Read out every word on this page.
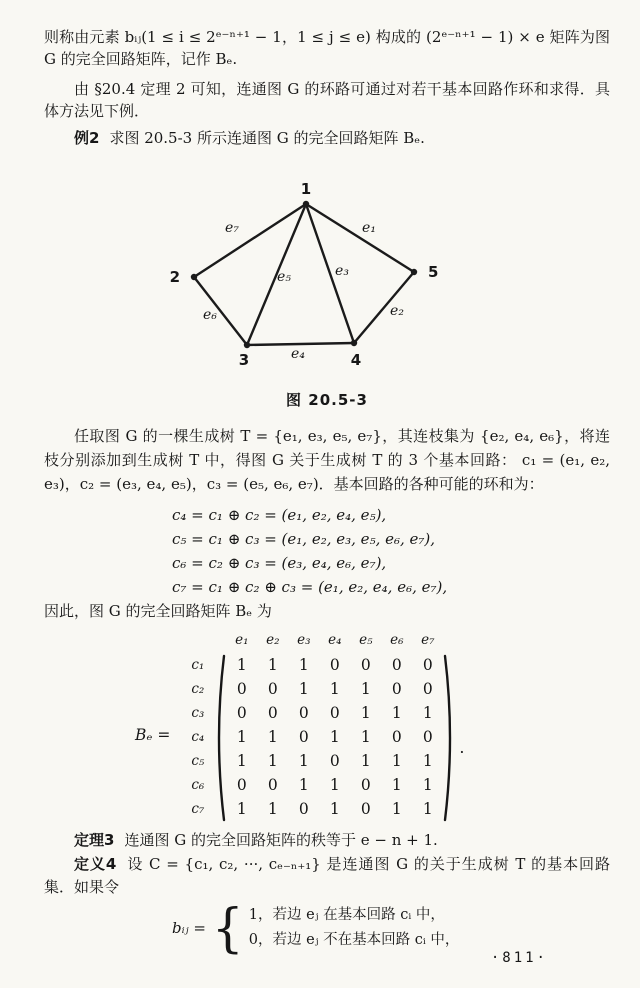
则称由元素 bᵢⱼ(1 ≤ i ≤ 2ᵉ⁻ⁿ⁺¹ − 1，1 ≤ j ≤ e) 构成的 (2ᵉ⁻ⁿ⁺¹ − 1) × e 矩阵为图 G 的完全回路矩阵，记作 Bₑ.

由 §20.4 定理 2 可知，连通图 G 的环路可通过对若干基本回路作环和求得．具体方法见下例．

例2 求图 20.5-3 所示连通图 G 的完全回路矩阵 Bₑ.

e₁
e₂
e₃
e₄
e₅
e₆
e₇
1
2
3	4
5
图 20.5-3

任取图 G 的一棵生成树 T = {e₁, e₃, e₅, e₇}，其连枝集为 {e₂, e₄, e₆}，将连枝分别添加到生成树 T 中，得图 G 关于生成树 T 的 3 个基本回路： c₁ = (e₁, e₂, e₃)，c₂ = (e₃, e₄, e₅)，c₃ = (e₅, e₆, e₇)．基本回路的各种可能的环和为：

c₄ = c₁ ⊕ c₂ = (e₁, e₂, e₄, e₅),
c₅ = c₁ ⊕ c₃ = (e₁, e₂, e₃, e₅, e₆, e₇),
c₆ = c₂ ⊕ c₃ = (e₃, e₄, e₆, e₇),
c₇ = c₁ ⊕ c₂ ⊕ c₃ = (e₁, e₂, e₄, e₆, e₇),

因此，图 G 的完全回路矩阵 Bₑ 为

Bₑ =
c₁
c₂
c₃
c₄
c₅
c₆
c₇
e₁ e₂ e₃ e₄ e₅ e₆ e₇
1 1 1 0 0 0 0
0 0 1 1 1 0 0
0 0 0 0 1 1 1
1 1 0 1 1 0 0
1 1 1 0 1 1 1
0 0 1 1 0 1 1
1 1 0 1 0 1 1
.

定理3 连通图 G 的完全回路矩阵的秩等于 e − n + 1.

定义4 设 C = {c₁, c₂, ···, cₑ₋ₙ₊₁} 是连通图 G 的关于生成树 T 的基本回路集．如果令

bᵢⱼ = { 1，若边 eⱼ 在基本回路 cᵢ 中，
0，若边 eⱼ 不在基本回路 cᵢ 中，
·811·
